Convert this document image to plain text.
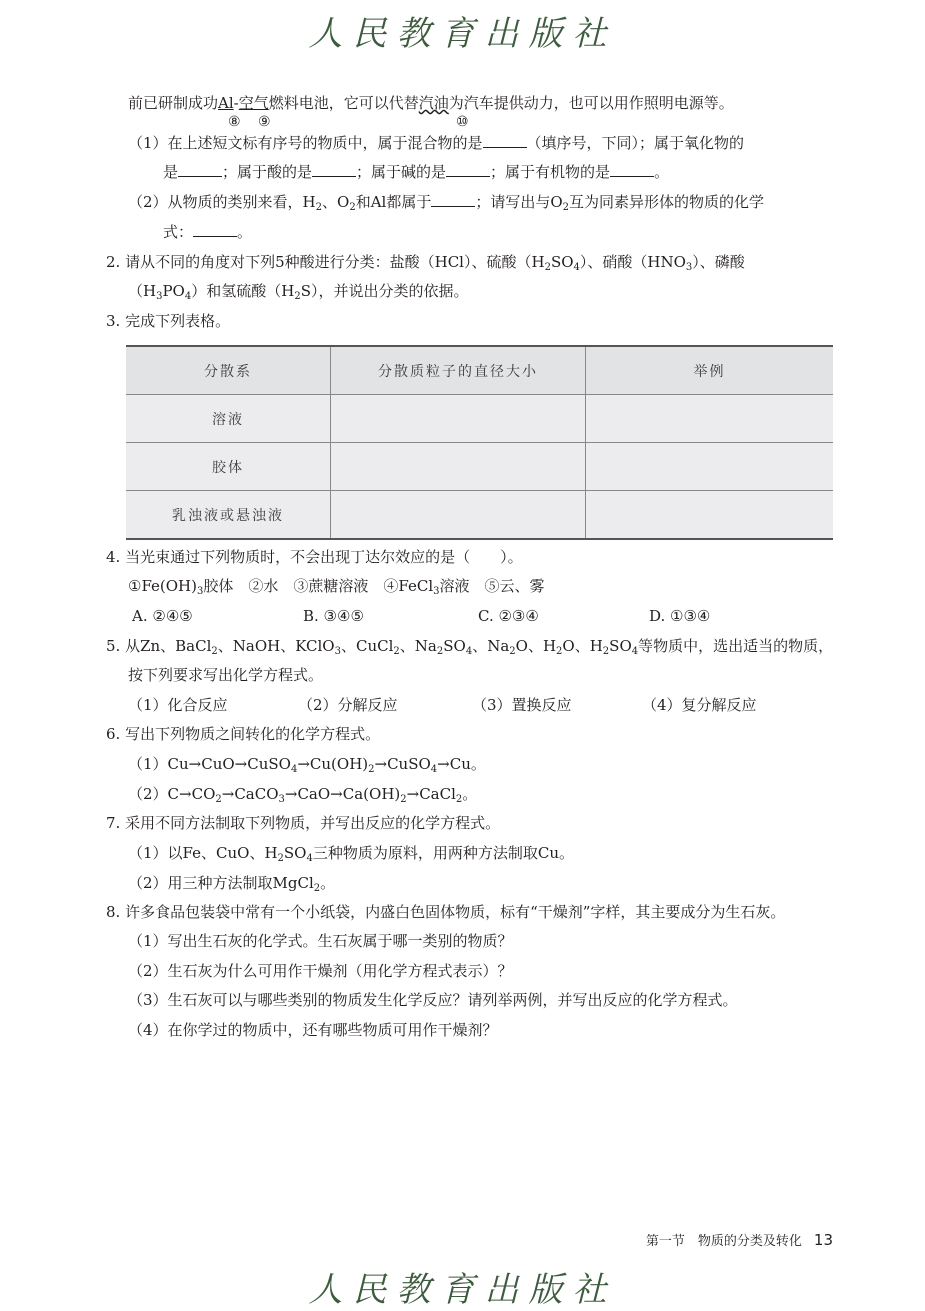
人民教育出版社
前已研制成功Al-空气燃料电池，它可以代替汽油为汽车提供动力，也可以用作照明电源等。
⑧ ⑨	⑩
（1）在上述短文标有序号的物质中，属于混合物的是	（填序号，下同）；属于氧化物的
是	；属于酸的是	；属于碱的是	；属于有机物的是	。
（2）从物质的类别来看，$H_2$、$O_2$和Al都属于	；请写出与$O_2$互为同素异形体的物质的化学
式：	。
2. 请从不同的角度对下列5种酸进行分类：盐酸（HCl）、硫酸$(H_2SO_4)$、硝酸$(HNO_3)$、磷酸
$(H_3PO_4)$和氢硫酸$(H_2S)$，并说出分类的依据。
3. 完成下列表格。
分散系	分散质粒子的直径大小	举例
溶液		
胶体		
乳浊液或悬浊液		
4. 当光束通过下列物质时，不会出现丁达尔效应的是（　　）。
$①Fe(OH)_3$胶体　②水　③蔗糖溶液　④FeCl$_3$溶液　⑤云、雾
A. ②④⑤	B. ③④⑤	C. ②③④	D. ①③④
5. 从Zn、BaCl$_2$、NaOH、KClO$_3$、CuCl$_2$、$Na_2SO_4$、$Na_2O$、$H_2O$、$H_2SO_4$等物质中，选出适当的物质，
按下列要求写出化学方程式。
（1）化合反应	（2）分解反应	（3）置换反应	（4）复分解反应
6. 写出下列物质之间转化的化学方程式。
$(1)Cu\to CuO\to CuSO_4\to Cu(OH)_2\to CuSO_4\to Cu$。
$(2)C\to CO_2\to CaCO_3\to CaO\to Ca(OH)_2\to CaCl_2$。
7. 采用不同方法制取下列物质，并写出反应的化学方程式。
（1）以Fe、CuO、$H_2SO_4$三种物质为原料，用两种方法制取Cu。
（2）用三种方法制取MgCl$_2$。
8. 许多食品包装袋中常有一个小纸袋，内盛白色固体物质，标有“干燥剂”字样，其主要成分为生石灰。
（1）写出生石灰的化学式。生石灰属于哪一类别的物质？
（2）生石灰为什么可用作干燥剂（用化学方程式表示）？
（3）生石灰可以与哪些类别的物质发生化学反应？请列举两例，并写出反应的化学方程式。
（4）在你学过的物质中，还有哪些物质可用作干燥剂？
第一节　物质的分类及转化 13
人民教育出版社
